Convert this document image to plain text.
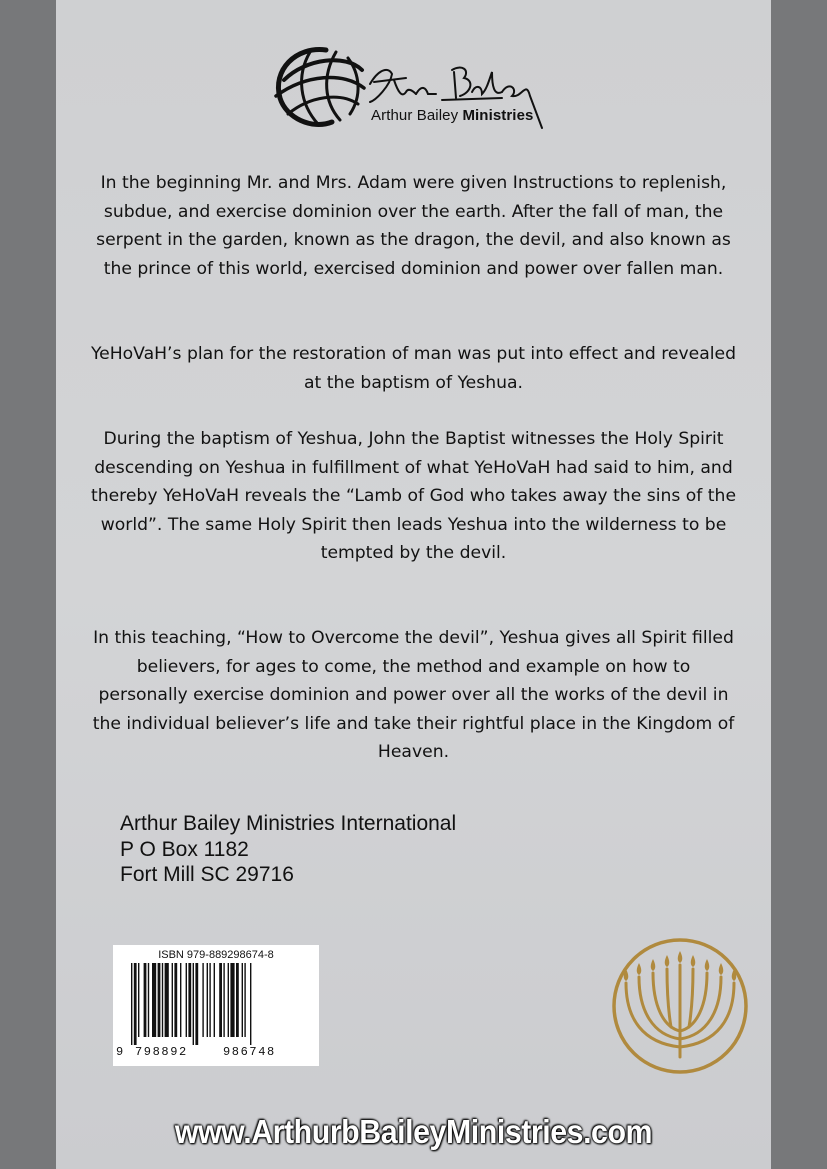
Arthur Bailey Ministries

In the beginning Mr. and Mrs. Adam were given Instructions to replenish, subdue, and exercise dominion over the earth. After the fall of man, the serpent in the garden, known as the dragon, the devil, and also known as the prince of this world, exercised dominion and power over fallen man.

YeHoVaH’s plan for the restoration of man was put into effect and revealed at the baptism of Yeshua.

During the baptism of Yeshua, John the Baptist witnesses the Holy Spirit descending on Yeshua in fulfillment of what YeHoVaH had said to him, and thereby YeHoVaH reveals the “Lamb of God who takes away the sins of the world”. The same Holy Spirit then leads Yeshua into the wilderness to be tempted by the devil.

In this teaching, “How to Overcome the devil”, Yeshua gives all Spirit filled believers, for ages to come, the method and example on how to personally exercise dominion and power over all the works of the devil in the individual believer’s life and take their rightful place in the Kingdom of Heaven.

Arthur Bailey Ministries International
P O Box 1182
Fort Mill SC 29716
ISBN 979-889298674-8
9 798892	986748
www.ArthurbBaileyMinistries.com
